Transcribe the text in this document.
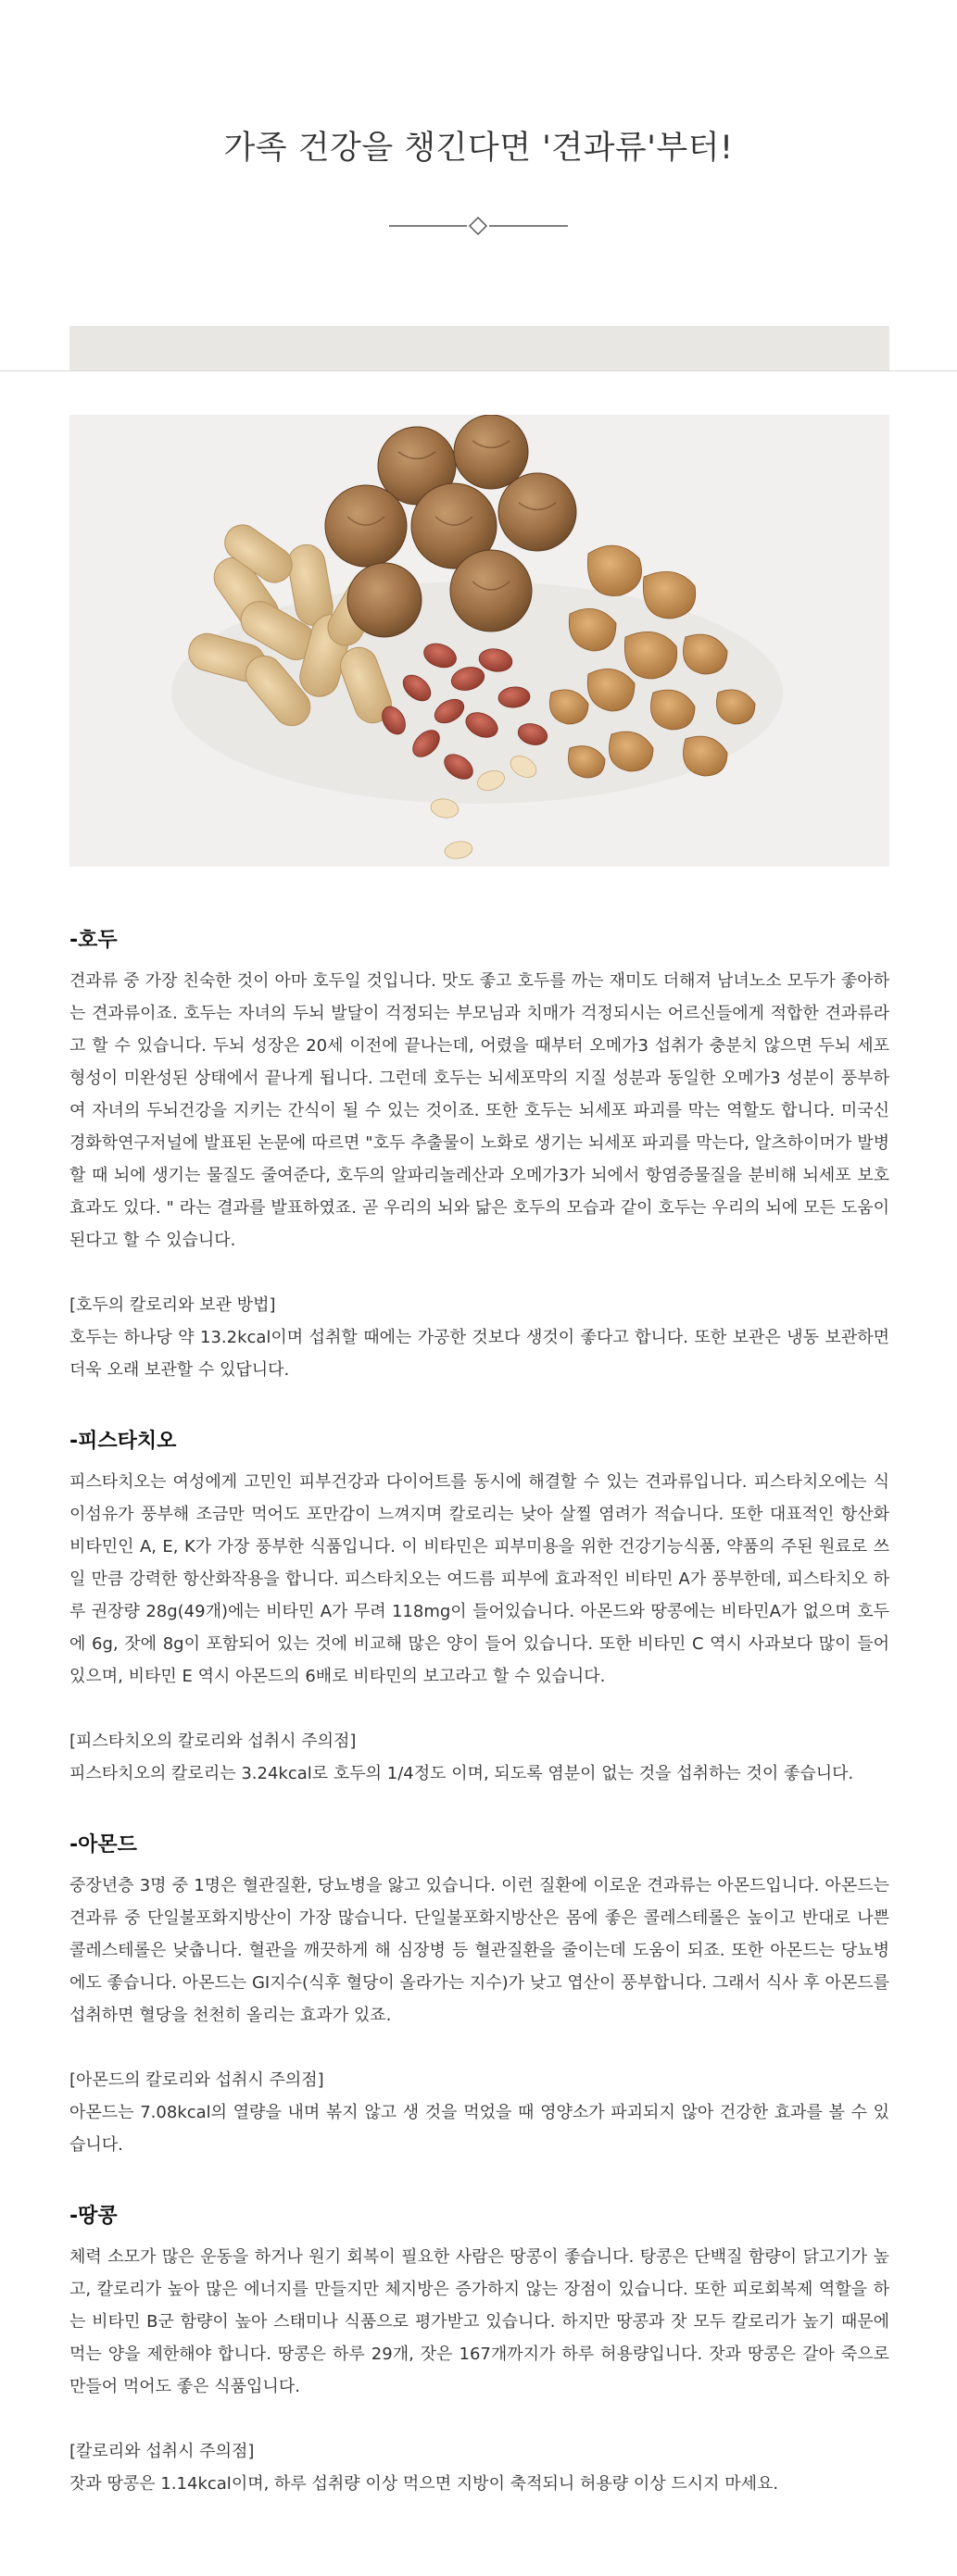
가족 건강을 챙긴다면 '견과류'부터!
-호두

견과류 중 가장 친숙한 것이 아마 호두일 것입니다. 맛도 좋고 호두를 까는 재미도 더해져 남녀노소 모두가 좋아하는 견과류이죠. 호두는 자녀의 두뇌 발달이 걱정되는 부모님과 치매가 걱정되시는 어르신들에게 적합한 견과류라고 할 수 있습니다. 두뇌 성장은 20세 이전에 끝나는데, 어렸을 때부터 오메가3 섭취가 충분치 않으면 두뇌 세포 형성이 미완성된 상태에서 끝나게 됩니다. 그런데 호두는 뇌세포막의 지질 성분과 동일한 오메가3 성분이 풍부하여 자녀의 두뇌건강을 지키는 간식이 될 수 있는 것이죠. 또한 호두는 뇌세포 파괴를 막는 역할도 합니다. 미국신경화학연구저널에 발표된 논문에 따르면 "호두 추출물이 노화로 생기는 뇌세포 파괴를 막는다, 알츠하이머가 발병할 때 뇌에 생기는 물질도 줄여준다, 호두의 알파리놀레산과 오메가3가 뇌에서 항염증물질을 분비해 뇌세포 보호 효과도 있다. " 라는 결과를 발표하였죠. 곧 우리의 뇌와 닮은 호두의 모습과 같이 호두는 우리의 뇌에 모든 도움이 된다고 할 수 있습니다.

[호두의 칼로리와 보관 방법]

호두는 하나당 약 13.2kcal이며 섭취할 때에는 가공한 것보다 생것이 좋다고 합니다. 또한 보관은 냉동 보관하면 더욱 오래 보관할 수 있답니다.

-피스타치오

피스타치오는 여성에게 고민인 피부건강과 다이어트를 동시에 해결할 수 있는 견과류입니다. 피스타치오에는 식이섬유가 풍부해 조금만 먹어도 포만감이 느껴지며 칼로리는 낮아 살찔 염려가 적습니다. 또한 대표적인 항산화 비타민인 A, E, K가 가장 풍부한 식품입니다. 이 비타민은 피부미용을 위한 건강기능식품, 약품의 주된 원료로 쓰일 만큼 강력한 항산화작용을 합니다. 피스타치오는 여드름 피부에 효과적인 비타민 A가 풍부한데, 피스타치오 하루 권장량 28g(49개)에는 비타민 A가 무려 118mg이 들어있습니다. 아몬드와 땅콩에는 비타민A가 없으며 호두에 6g, 잣에 8g이 포함되어 있는 것에 비교해 많은 양이 들어 있습니다. 또한 비타민 C 역시 사과보다 많이 들어있으며, 비타민 E 역시 아몬드의 6배로 비타민의 보고라고 할 수 있습니다.

[피스타치오의 칼로리와 섭취시 주의점]

피스타치오의 칼로리는 3.24kcal로 호두의 1/4정도 이며, 되도록 염분이 없는 것을 섭취하는 것이 좋습니다.

-아몬드

중장년층 3명 중 1명은 혈관질환, 당뇨병을 앓고 있습니다. 이런 질환에 이로운 견과류는 아몬드입니다. 아몬드는 견과류 중 단일불포화지방산이 가장 많습니다. 단일불포화지방산은 몸에 좋은 콜레스테롤은 높이고 반대로 나쁜 콜레스테롤은 낮춥니다. 혈관을 깨끗하게 해 심장병 등 혈관질환을 줄이는데 도움이 되죠. 또한 아몬드는 당뇨병에도 좋습니다. 아몬드는 GI지수(식후 혈당이 올라가는 지수)가 낮고 엽산이 풍부합니다. 그래서 식사 후 아몬드를 섭취하면 혈당을 천천히 올리는 효과가 있죠.

[아몬드의 칼로리와 섭취시 주의점]

아몬드는 7.08kcal의 열량을 내며 볶지 않고 생 것을 먹었을 때 영양소가 파괴되지 않아 건강한 효과를 볼 수 있습니다.

-땅콩

체력 소모가 많은 운동을 하거나 원기 회복이 필요한 사람은 땅콩이 좋습니다. 탕콩은 단백질 함량이 닭고기가 높고, 칼로리가 높아 많은 에너지를 만들지만 체지방은 증가하지 않는 장점이 있습니다. 또한 피로회복제 역할을 하는 비타민 B군 함량이 높아 스태미나 식품으로 평가받고 있습니다. 하지만 땅콩과 잣 모두 칼로리가 높기 때문에 먹는 양을 제한해야 합니다. 땅콩은 하루 29개, 잣은 167개까지가 하루 허용량입니다. 잣과 땅콩은 갈아 죽으로 만들어 먹어도 좋은 식품입니다.

[칼로리와 섭취시 주의점]

잣과 땅콩은 1.14kcal이며, 하루 섭취량 이상 먹으면 지방이 축적되니 허용량 이상 드시지 마세요.
